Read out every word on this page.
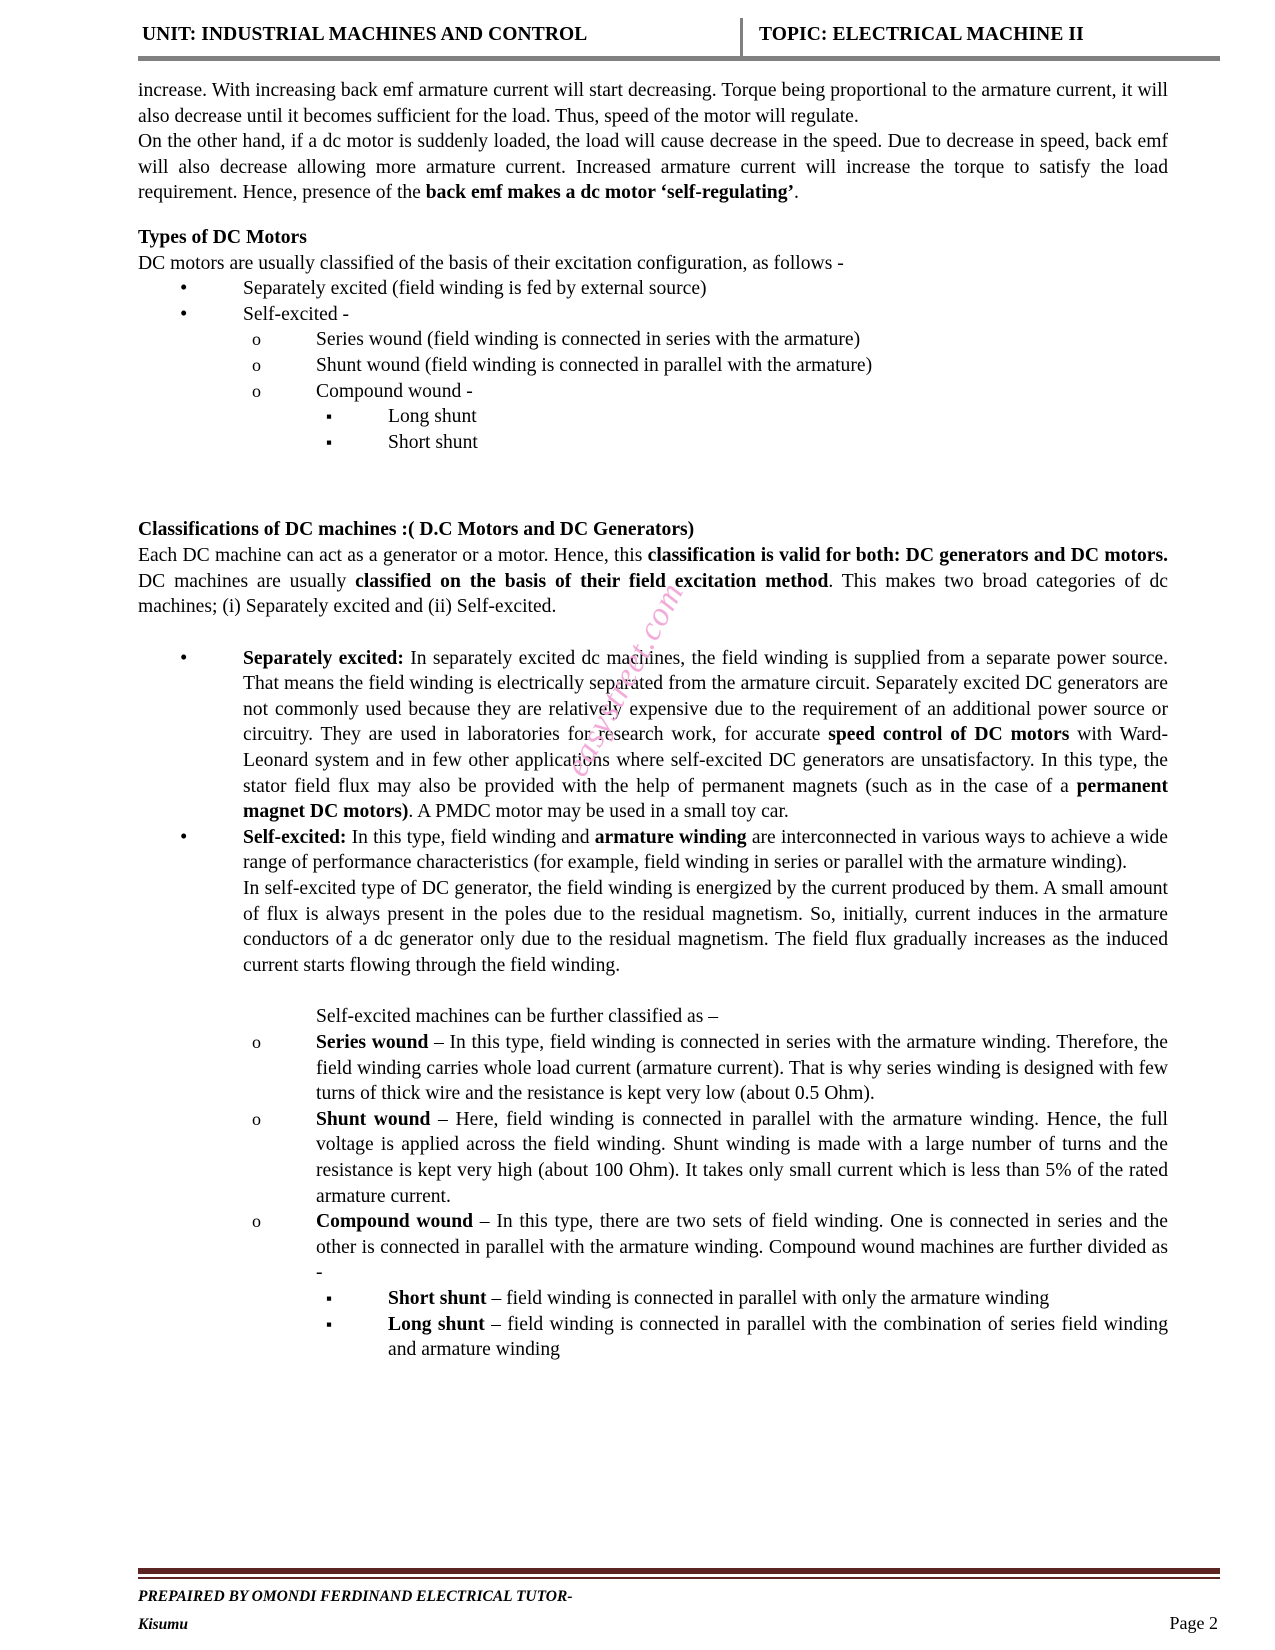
UNIT: INDUSTRIAL MACHINES AND CONTROL	TOPIC: ELECTRICAL MACHINE II

increase. With increasing back emf armature current will start decreasing. Torque being proportional to the armature current, it will also decrease until it becomes sufficient for the load. Thus, speed of the motor will regulate.

On the other hand, if a dc motor is suddenly loaded, the load will cause decrease in the speed. Due to decrease in speed, back emf will also decrease allowing more armature current. Increased armature current will increase the torque to satisfy the load requirement. Hence, presence of the back emf makes a dc motor ‘self-regulating’.

Types of DC Motors

DC motors are usually classified of the basis of their excitation configuration, as follows -

• Separately excited (field winding is fed by external source)
• Self-excited -
o Series wound (field winding is connected in series with the armature)
o Shunt wound (field winding is connected in parallel with the armature)
o Compound wound -
▪ Long shunt
▪ Short shunt
Classifications of DC machines :( D.C Motors and DC Generators)

Each DC machine can act as a generator or a motor. Hence, this classification is valid for both: DC generators and DC motors. DC machines are usually classified on the basis of their field excitation method. This makes two broad categories of dc machines; (i) Separately excited and (ii) Self-excited.

• Separately excited: In separately excited dc machines, the field winding is supplied from a separate power source. That means the field winding is electrically separated from the armature circuit. Separately excited DC generators are not commonly used because they are relatively expensive due to the requirement of an additional power source or circuitry. They are used in laboratories for research work, for accurate speed control of DC motors with Ward-Leonard system and in few other applications where self-excited DC generators are unsatisfactory. In this type, the stator field flux may also be provided with the help of permanent magnets (such as in the case of a permanent magnet DC motors). A PMDC motor may be used in a small toy car.
• Self-excited: In this type, field winding and armature winding are interconnected in various ways to achieve a wide range of performance characteristics (for example, field winding in series or parallel with the armature winding).

In self-excited type of DC generator, the field winding is energized by the current produced by them. A small amount of flux is always present in the poles due to the residual magnetism. So, initially, current induces in the armature conductors of a dc generator only due to the residual magnetism. The field flux gradually increases as the induced current starts flowing through the field winding.

Self-excited machines can be further classified as –

o Series wound – In this type, field winding is connected in series with the armature winding. Therefore, the field winding carries whole load current (armature current). That is why series winding is designed with few turns of thick wire and the resistance is kept very low (about 0.5 Ohm).
o Shunt wound – Here, field winding is connected in parallel with the armature winding. Hence, the full voltage is applied across the field winding. Shunt winding is made with a large number of turns and the resistance is kept very high (about 100 Ohm). It takes only small current which is less than 5% of the rated armature current.
o Compound wound – In this type, there are two sets of field winding. One is connected in series and the other is connected in parallel with the armature winding. Compound wound machines are further divided as -
▪ Short shunt – field winding is connected in parallel with only the armature winding
▪ Long shunt – field winding is connected in parallel with the combination of series field winding and armature winding
easystreet.com
PREPAIRED BY OMONDI FERDINAND ELECTRICAL TUTOR-
Kisumu	Page 2
